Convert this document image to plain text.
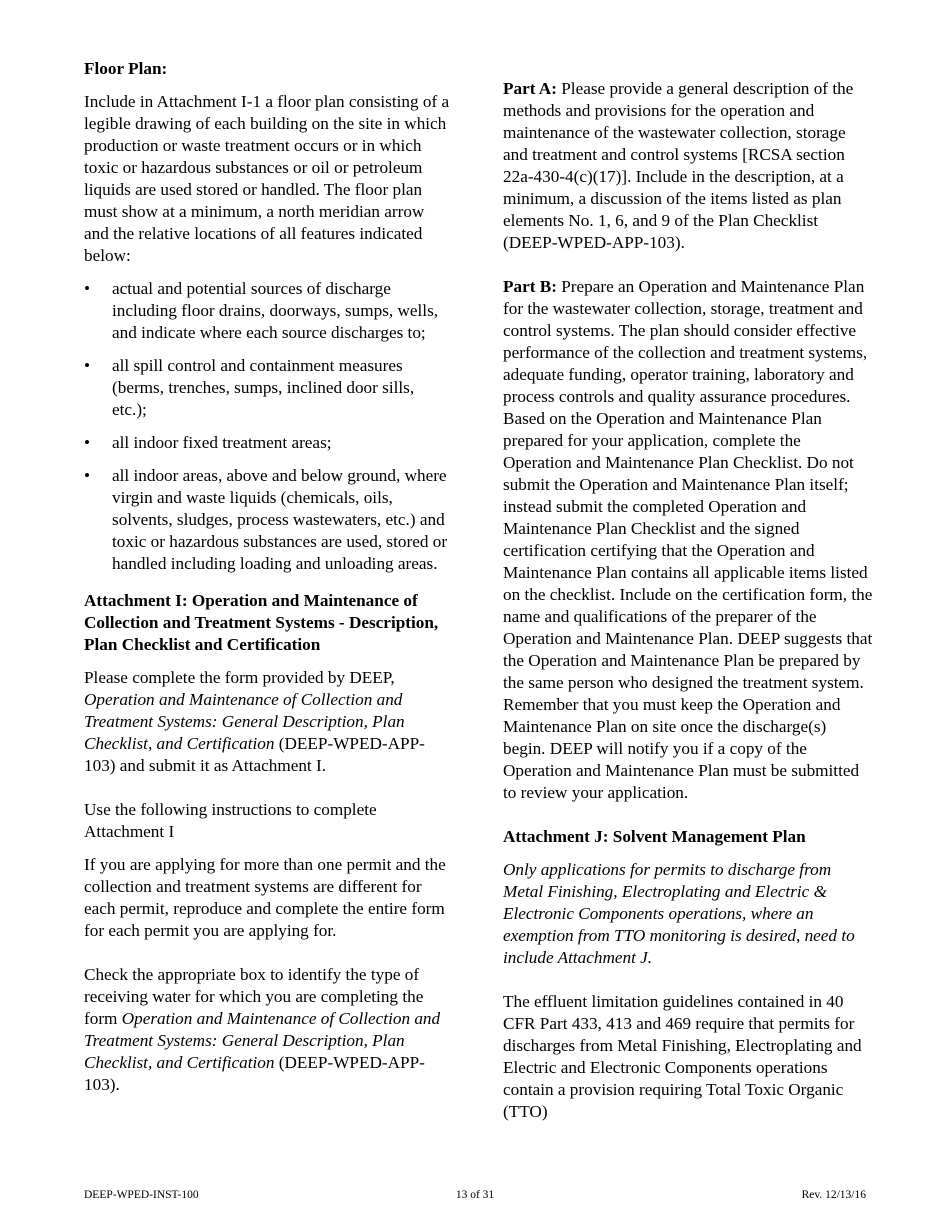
Floor Plan:

Include in Attachment I-1 a floor plan consisting of a legible drawing of each building on the site in which production or waste treatment occurs or in which toxic or hazardous substances or oil or petroleum liquids are used stored or handled. The floor plan must show at a minimum, a north meridian arrow and the relative locations of all features indicated below:

• actual and potential sources of discharge including floor drains, doorways, sumps, wells, and indicate where each source discharges to;
• all spill control and containment measures (berms, trenches, sumps, inclined door sills, etc.);
• all indoor fixed treatment areas;
• all indoor areas, above and below ground, where virgin and waste liquids (chemicals, oils, solvents, sludges, process wastewaters, etc.) and toxic or hazardous substances are used, stored or handled including loading and unloading areas.

Attachment I: Operation and Maintenance of Collection and Treatment Systems - Description, Plan Checklist and Certification

Please complete the form provided by DEEP, Operation and Maintenance of Collection and Treatment Systems: General Description, Plan Checklist, and Certification (DEEP-WPED-APP-103) and submit it as Attachment I.

Use the following instructions to complete Attachment I

If you are applying for more than one permit and the collection and treatment systems are different for each permit, reproduce and complete the entire form for each permit you are applying for.

Check the appropriate box to identify the type of receiving water for which you are completing the form Operation and Maintenance of Collection and Treatment Systems: General Description, Plan Checklist, and Certification (DEEP-WPED-APP-103).

Part A: Please provide a general description of the methods and provisions for the operation and maintenance of the wastewater collection, storage and treatment and control systems [RCSA section 22a-430-4(c)(17)]. Include in the description, at a minimum, a discussion of the items listed as plan elements No. 1, 6, and 9 of the Plan Checklist (DEEP-WPED-APP-103).

Part B: Prepare an Operation and Maintenance Plan for the wastewater collection, storage, treatment and control systems. The plan should consider effective performance of the collection and treatment systems, adequate funding, operator training, laboratory and process controls and quality assurance procedures. Based on the Operation and Maintenance Plan prepared for your application, complete the Operation and Maintenance Plan Checklist. Do not submit the Operation and Maintenance Plan itself; instead submit the completed Operation and Maintenance Plan Checklist and the signed certification certifying that the Operation and Maintenance Plan contains all applicable items listed on the checklist. Include on the certification form, the name and qualifications of the preparer of the Operation and Maintenance Plan. DEEP suggests that the Operation and Maintenance Plan be prepared by the same person who designed the treatment system. Remember that you must keep the Operation and Maintenance Plan on site once the discharge(s) begin. DEEP will notify you if a copy of the Operation and Maintenance Plan must be submitted to review your application.

Attachment J: Solvent Management Plan

Only applications for permits to discharge from Metal Finishing, Electroplating and Electric & Electronic Components operations, where an exemption from TTO monitoring is desired, need to include Attachment J.

The effluent limitation guidelines contained in 40 CFR Part 433, 413 and 469 require that permits for discharges from Metal Finishing, Electroplating and Electric and Electronic Components operations contain a provision requiring Total Toxic Organic (TTO)

DEEP-WPED-INST-100	13 of 31	Rev. 12/13/16
